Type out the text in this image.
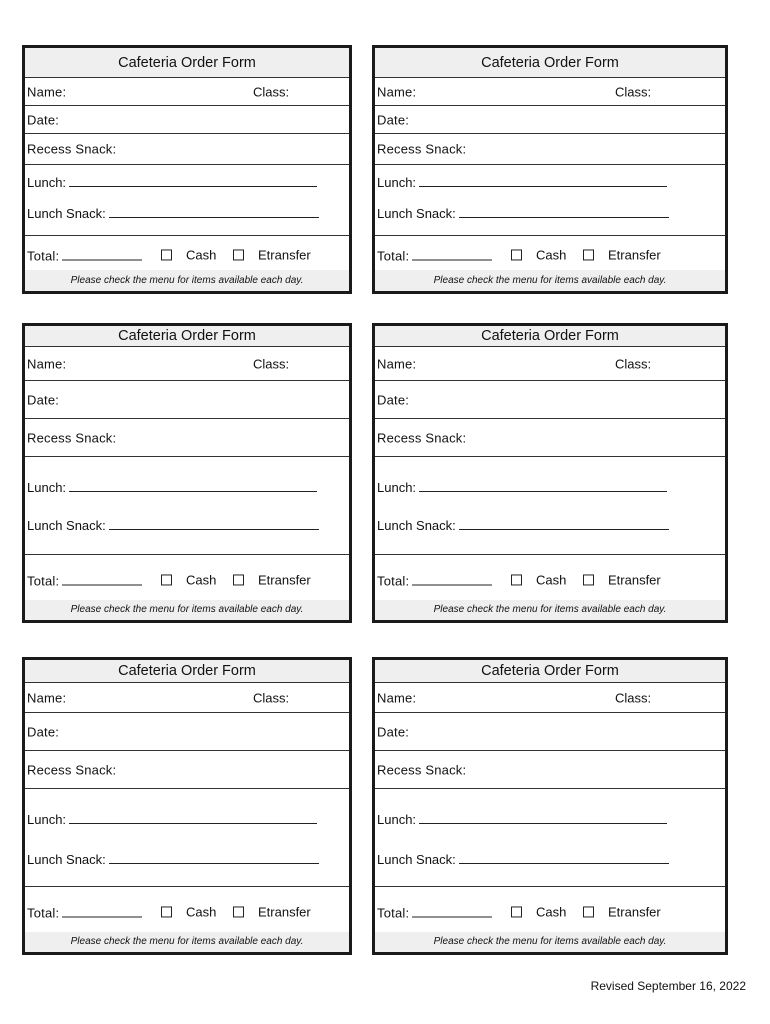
Cafeteria Order Form
Name:	Class:
Date:
Recess Snack:
Lunch:
Lunch Snack:
Total:	Cash	Etransfer
Please check the menu for items available each day.
Cafeteria Order Form
Name:	Class:
Date:
Recess Snack:
Lunch:
Lunch Snack:
Total:	Cash	Etransfer
Please check the menu for items available each day.
Cafeteria Order Form
Name:	Class:
Date:
Recess Snack:
Lunch:
Lunch Snack:
Total:	Cash	Etransfer
Please check the menu for items available each day.
Cafeteria Order Form
Name:	Class:
Date:
Recess Snack:
Lunch:
Lunch Snack:
Total:	Cash	Etransfer
Please check the menu for items available each day.
Cafeteria Order Form
Name:	Class:
Date:
Recess Snack:
Lunch:
Lunch Snack:
Total:	Cash	Etransfer
Please check the menu for items available each day.
Cafeteria Order Form
Name:	Class:
Date:
Recess Snack:
Lunch:
Lunch Snack:
Total:	Cash	Etransfer
Please check the menu for items available each day.
Revised September 16, 2022
